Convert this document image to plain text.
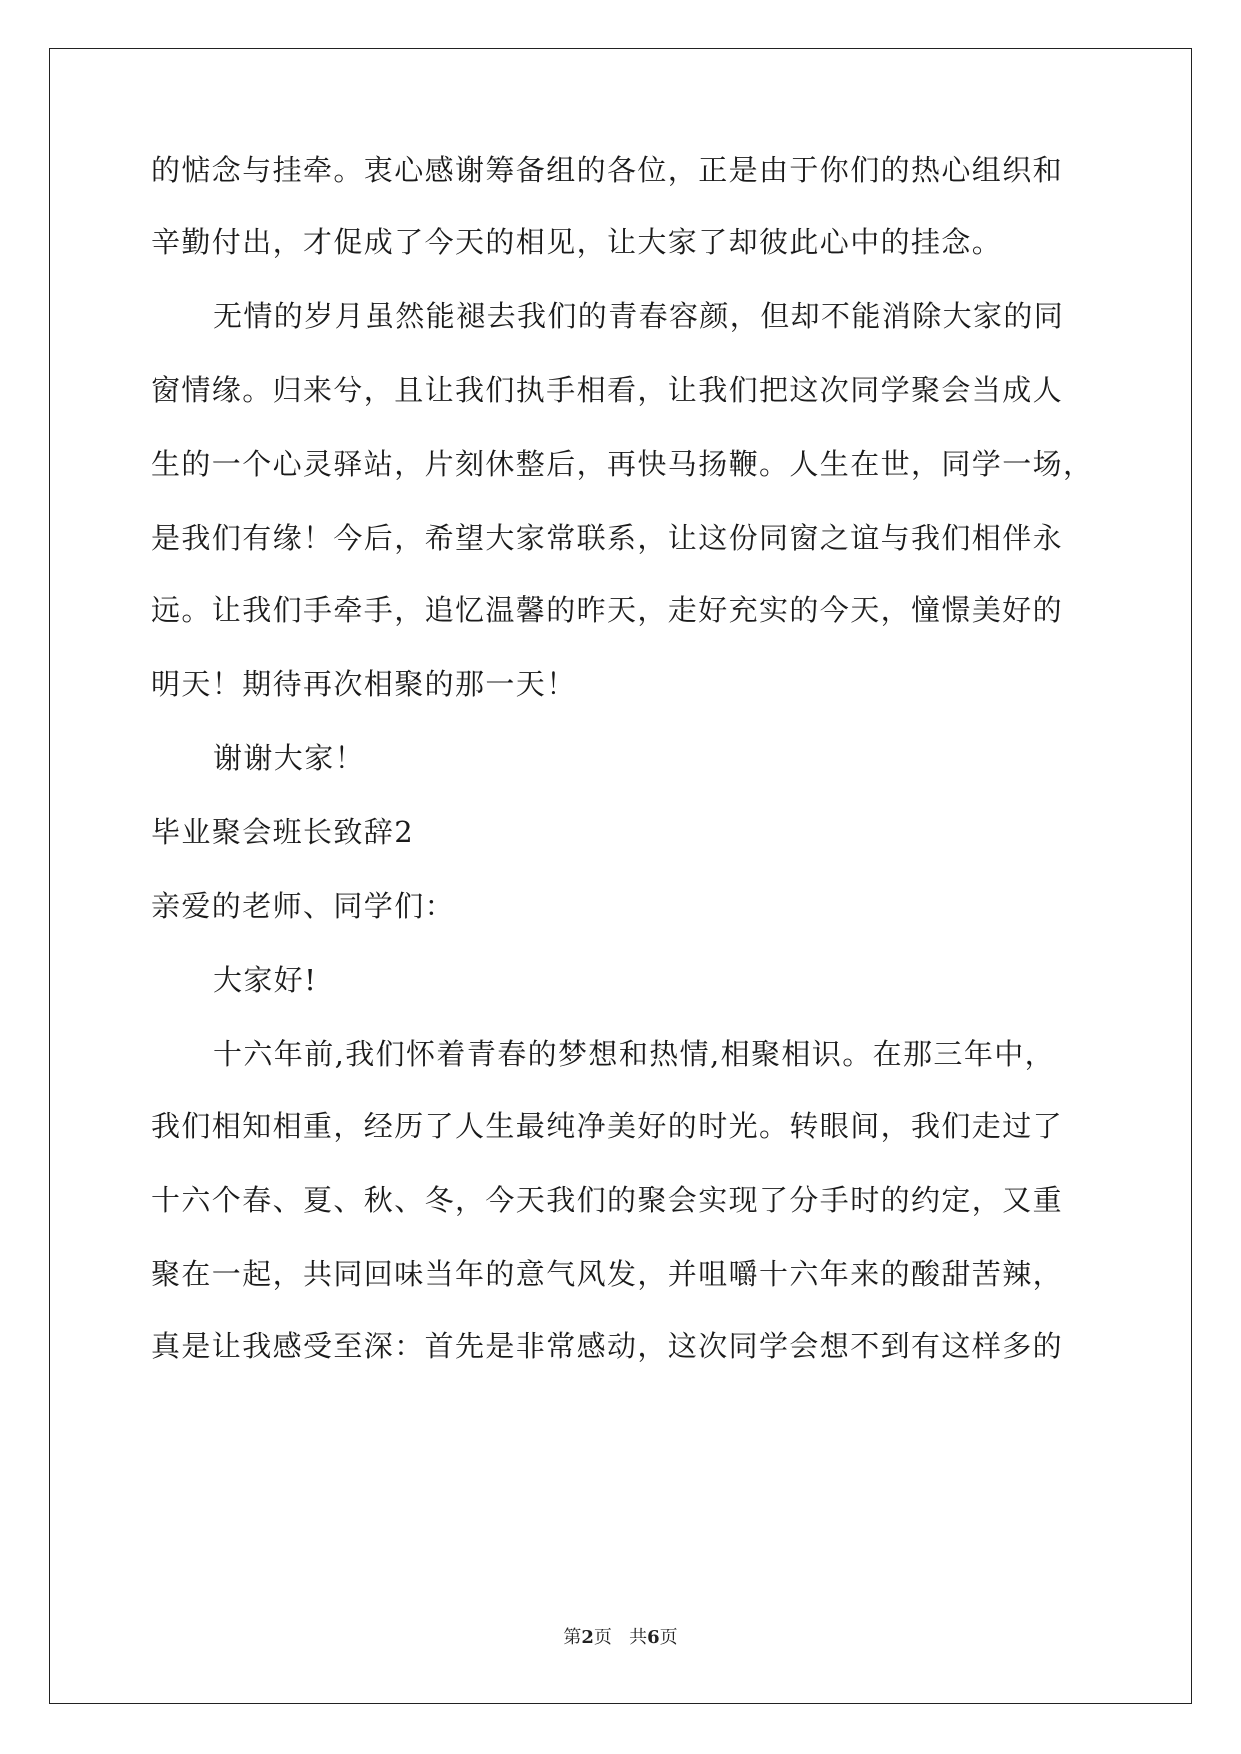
的惦念与挂牵。衷心感谢筹备组的各位，正是由于你们的热心组织和
辛勤付出，才促成了今天的相见，让大家了却彼此心中的挂念。
无情的岁月虽然能褪去我们的青春容颜，但却不能消除大家的同
窗情缘。归来兮，且让我们执手相看，让我们把这次同学聚会当成人
生的一个心灵驿站，片刻休整后，再快马扬鞭。人生在世，同学一场，
是我们有缘！今后，希望大家常联系，让这份同窗之谊与我们相伴永
远。让我们手牵手，追忆温馨的昨天，走好充实的今天，憧憬美好的
明天！期待再次相聚的那一天！
谢谢大家！
毕业聚会班长致辞2
亲爱的老师、同学们：
大家好!
十六年前,我们怀着青春的梦想和热情,相聚相识。在那三年中，
我们相知相重，经历了人生最纯净美好的时光。转眼间，我们走过了
十六个春、夏、秋、冬，今天我们的聚会实现了分手时的约定，又重
聚在一起，共同回味当年的意气风发，并咀嚼十六年来的酸甜苦辣，
真是让我感受至深：首先是非常感动，这次同学会想不到有这样多的
第2页 共6页
